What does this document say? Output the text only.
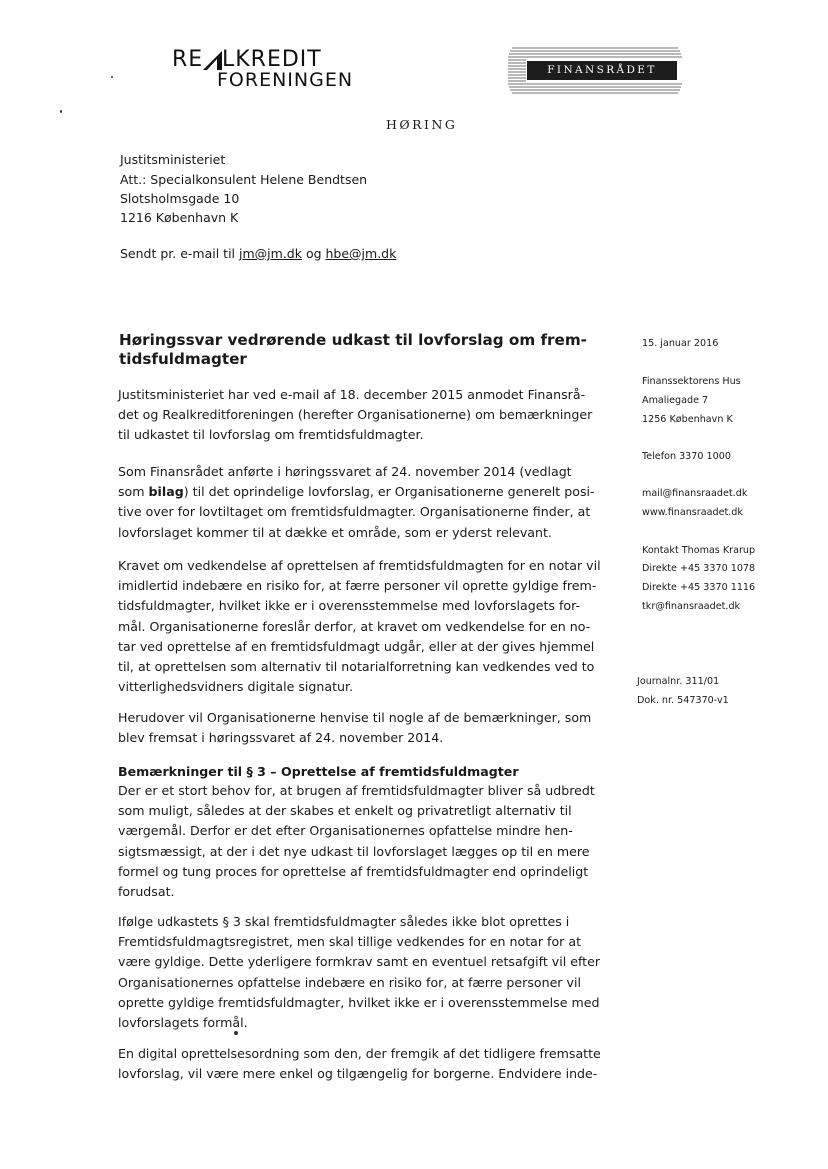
RE LKREDIT
FORENINGEN	FINANSRÅDET
HØRING
Justitsministeriet
Att.: Specialkonsulent Helene Bendtsen
Slotsholmsgade 10
1216 København K
Sendt pr. e-mail til jm@jm.dk og hbe@jm.dk
Høringssvar vedrørende udkast til lovforslag om frem-
tidsfuldmagter
15. januar 2016
Finanssektorens Hus
Amaliegade 7
1256 København K
Telefon 3370 1000
mail@finansraadet.dk
www.finansraadet.dk
Kontakt Thomas Krarup
Direkte +45 3370 1078
Direkte +45 3370 1116
tkr@finansraadet.dk
Journalnr. 311/01
Dok. nr. 547370-v1

Justitsministeriet har ved e-mail af 18. december 2015 anmodet Finansrå-

det og Realkreditforeningen (herefter Organisationerne) om bemærkninger

til udkastet til lovforslag om fremtidsfuldmagter.

Som Finansrådet anførte i høringssvaret af 24. november 2014 (vedlagt

som bilag) til det oprindelige lovforslag, er Organisationerne generelt posi-

tive over for lovtiltaget om fremtidsfuldmagter. Organisationerne finder, at

lovforslaget kommer til at dække et område, som er yderst relevant.

Kravet om vedkendelse af oprettelsen af fremtidsfuldmagten for en notar vil

imidlertid indebære en risiko for, at færre personer vil oprette gyldige frem-

tidsfuldmagter, hvilket ikke er i overensstemmelse med lovforslagets for-

mål. Organisationerne foreslår derfor, at kravet om vedkendelse for en no-

tar ved oprettelse af en fremtidsfuldmagt udgår, eller at der gives hjemmel

til, at oprettelsen som alternativ til notarialforretning kan vedkendes ved to

vitterlighedsvidners digitale signatur.

Herudover vil Organisationerne henvise til nogle af de bemærkninger, som

blev fremsat i høringssvaret af 24. november 2014.

Bemærkninger til § 3 – Oprettelse af fremtidsfuldmagter

Der er et stort behov for, at brugen af fremtidsfuldmagter bliver så udbredt

som muligt, således at der skabes et enkelt og privatretligt alternativ til

værgemål. Derfor er det efter Organisationernes opfattelse mindre hen-

sigtsmæssigt, at der i det nye udkast til lovforslaget lægges op til en mere

formel og tung proces for oprettelse af fremtidsfuldmagter end oprindeligt

forudsat.

Ifølge udkastets § 3 skal fremtidsfuldmagter således ikke blot oprettes i

Fremtidsfuldmagtsregistret, men skal tillige vedkendes for en notar for at

være gyldige. Dette yderligere formkrav samt en eventuel retsafgift vil efter

Organisationernes opfattelse indebære en risiko for, at færre personer vil

oprette gyldige fremtidsfuldmagter, hvilket ikke er i overensstemmelse med

lovforslagets formål.

En digital oprettelsesordning som den, der fremgik af det tidligere fremsatte

lovforslag, vil være mere enkel og tilgængelig for borgerne. Endvidere inde-
